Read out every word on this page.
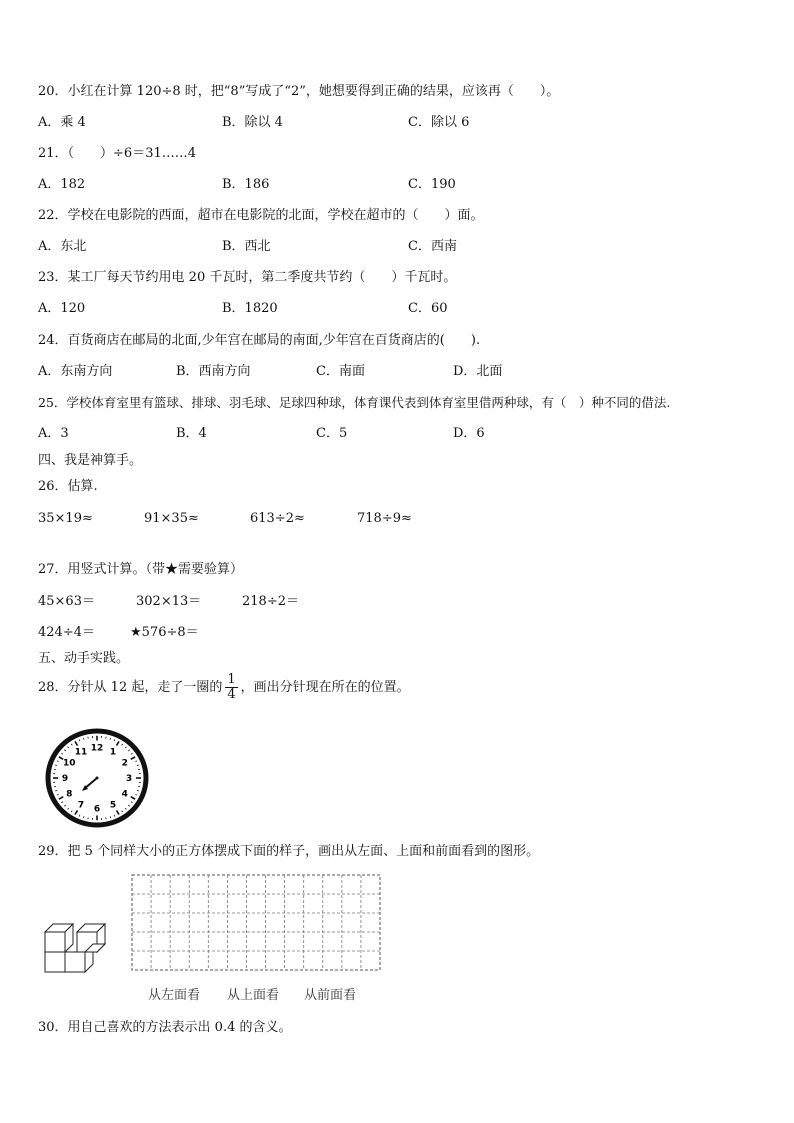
20．小红在计算 120÷8 时，把“8”写成了“2”，她想要得到正确的结果，应该再（　　）。
A．乘 4	B．除以 4	C．除以 6
21．（　　）÷6＝31……4
A．182	B．186	C．190
22．学校在电影院的西面，超市在电影院的北面，学校在超市的（　　）面。
A．东北	B．西北	C．西南
23．某工厂每天节约用电 20 千瓦时，第二季度共节约（　　）千瓦时。
A．120	B．1820	C．60
24．百货商店在邮局的北面,少年宫在邮局的南面,少年宫在百货商店的(　　).
A．东南方向	B．西南方向	C．南面	D．北面
25．学校体育室里有篮球、排球、羽毛球、足球四种球，体育课代表到体育室里借两种球，有（　）种不同的借法.
A．3	B．4	C．5	D．6
四、我是神算手。
26．估算.
35×19≈	91×35≈	613÷2≈	718÷9≈
27．用竖式计算。（带★需要验算）
45×63＝	302×13＝	218÷2＝
424÷4＝	★576÷8＝
五、动手实践。
28．分针从 12 起，走了一圈的 $\frac{1}{4}$ ，画出分针现在所在的位置。
12 1
2
3
4
5
6
7
8
9
10
11
29．把 5 个同样大小的正方体摆成下面的样子，画出从左面、上面和前面看到的图形。
从左面看 从上面看 从前面看
30．用自己喜欢的方法表示出 0.4 的含义。
